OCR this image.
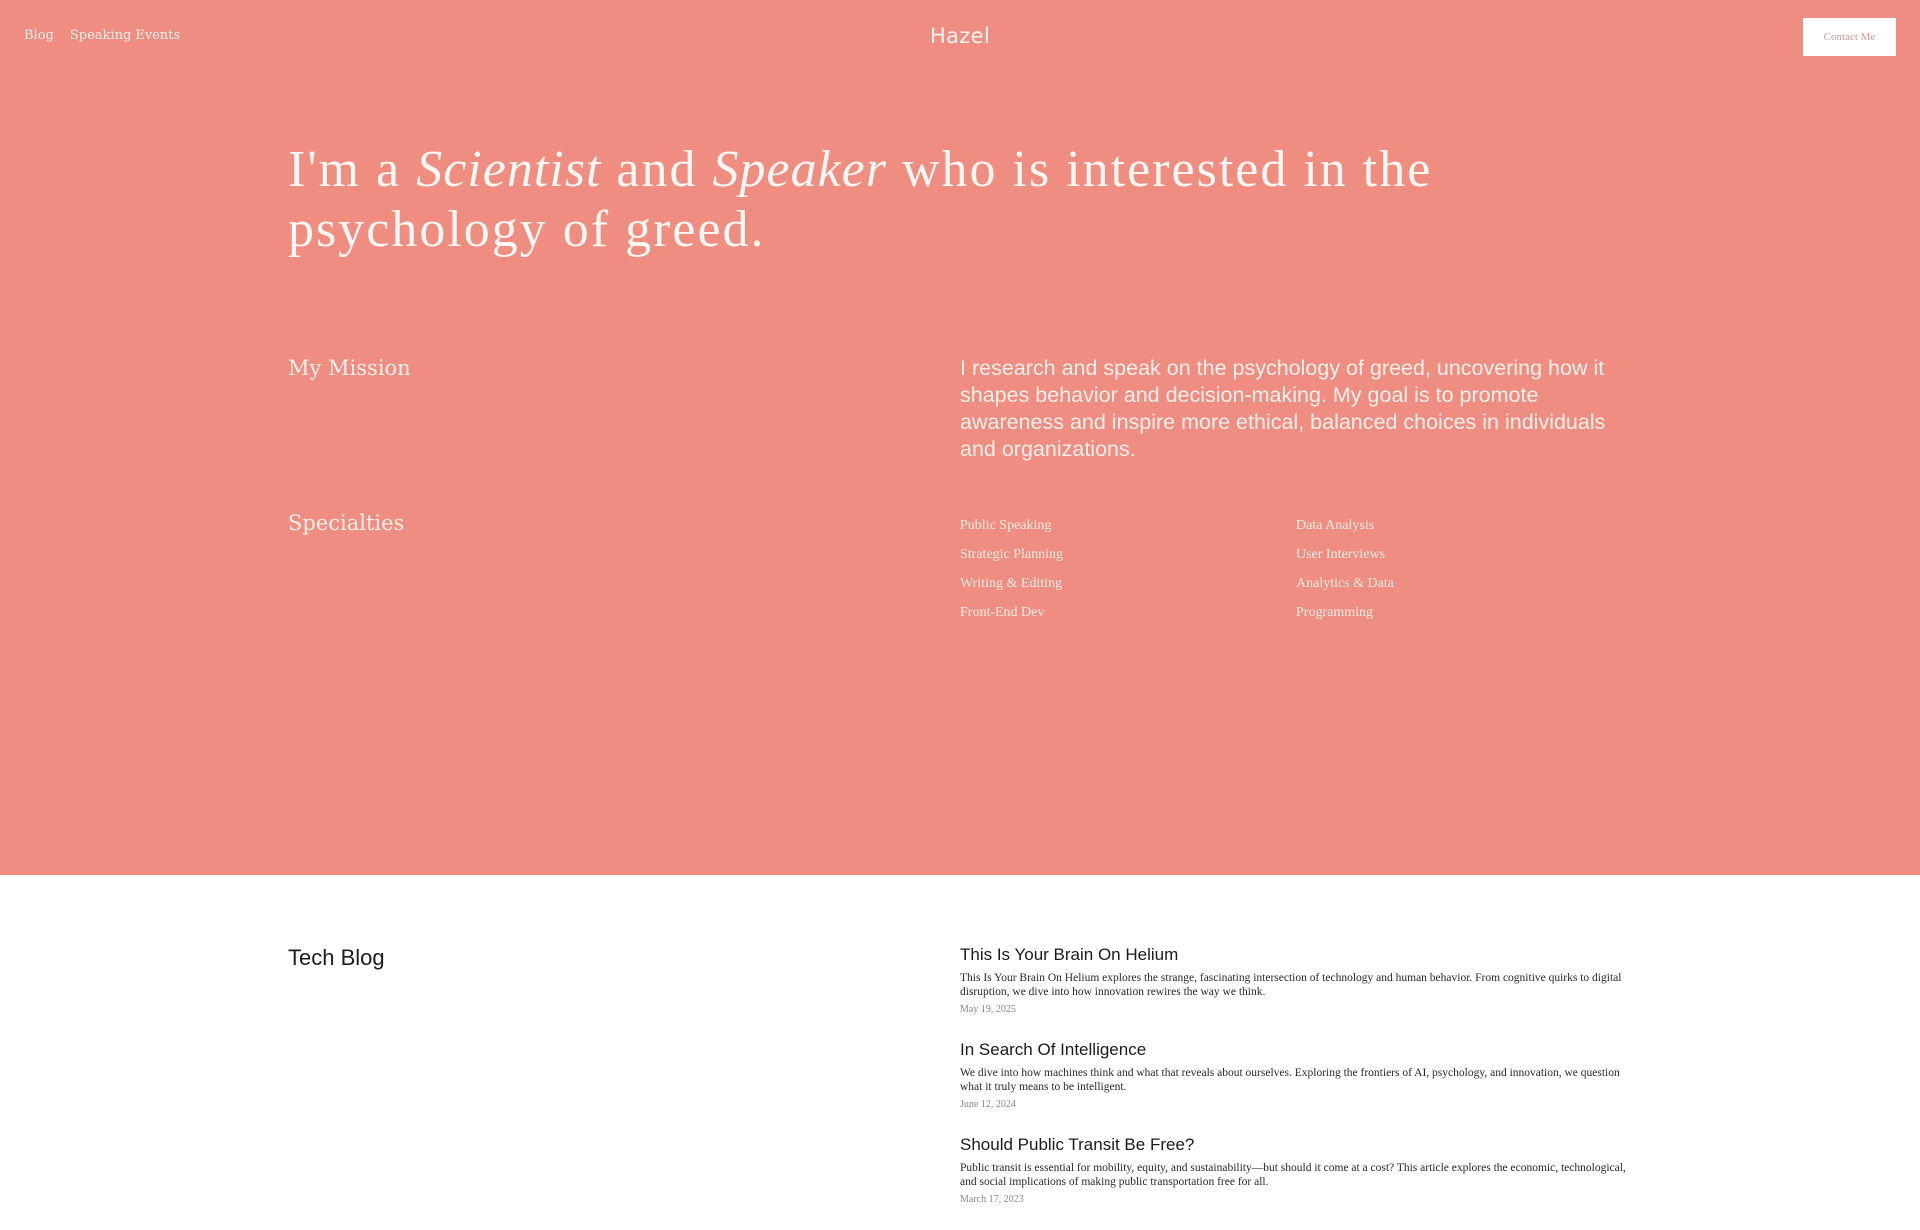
Blog Speaking Events	Hazel	Contact Me
I'm a Scientist and Speaker who is interested in the psychology of greed.
My Mission	I research and speak on the psychology of greed, uncovering how it shapes behavior and decision-making. My goal is to promote awareness and inspire more ethical, balanced choices in individuals and organizations.

Specialties	Public Speaking	Data Analysis
Strategic Planning	User Interviews
Writing & Editing	Analytics & Data
Front-End Dev	Programming
Tech Blog	This Is Your Brain On Helium
This Is Your Brain On Helium explores the strange, fascinating intersection of technology and human behavior. From cognitive quirks to digital disruption, we dive into how innovation rewires the way we think.
May 19, 2025
In Search Of Intelligence
We dive into how machines think and what that reveals about ourselves. Exploring the frontiers of AI, psychology, and innovation, we question what it truly means to be intelligent.
June 12, 2024
Should Public Transit Be Free?
Public transit is essential for mobility, equity, and sustainability—but should it come at a cost? This article explores the economic, technological, and social implications of making public transportation free for all.
March 17, 2023
